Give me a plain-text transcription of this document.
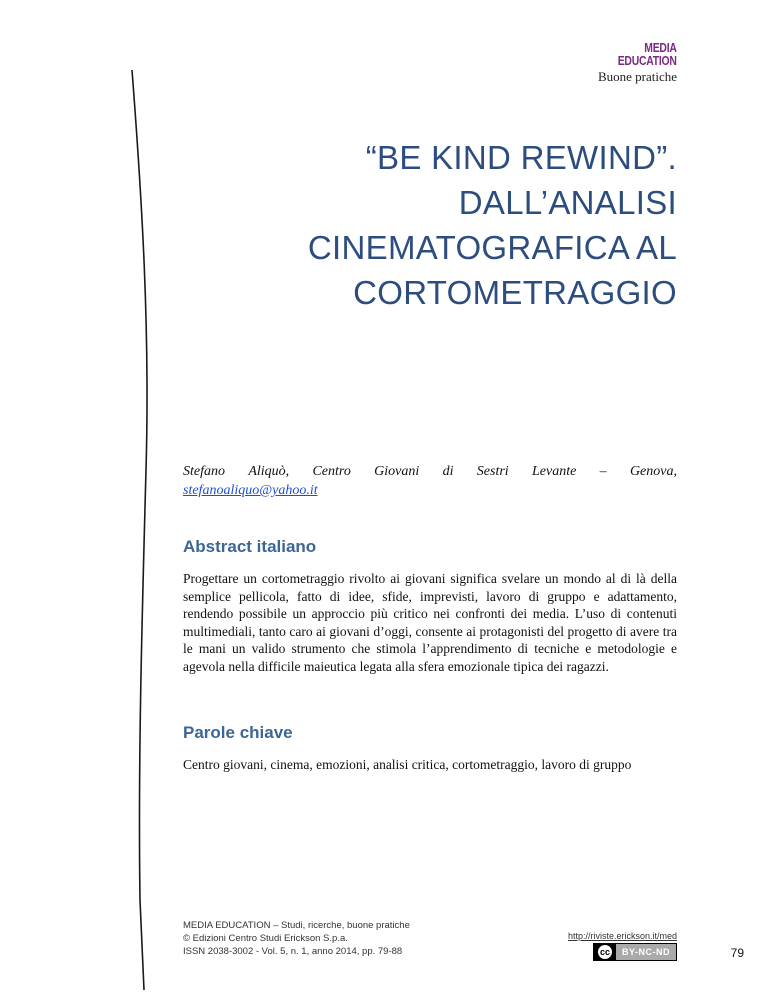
MEDIA
EDUCATION
Buone pratiche
“BE KIND REWIND”.
DALL’ANALISI
CINEMATOGRAFICA AL
CORTOMETRAGGIO
Stefano Aliquò, Centro Giovani di Sestri Levante – Genova,
stefanoaliquo@yahoo.it
Abstract italiano
Progettare un cortometraggio rivolto ai giovani significa svelare un mondo al di là della semplice pellicola, fatto di idee, sfide, imprevisti, lavoro di gruppo e adattamento, rendendo possibile un approccio più critico nei confronti dei media. L’uso di contenuti multimediali, tanto caro ai giovani d’oggi, consente ai protagonisti del progetto di avere tra le mani un valido strumento che stimola l’apprendimento di tecniche e metodologie e agevola nella difficile maieutica legata alla sfera emozionale tipica dei ragazzi.
Parole chiave
Centro giovani, cinema, emozioni, analisi critica, cortometraggio, lavoro di gruppo
MEDIA EDUCATION – Studi, ricerche, buone pratiche
© Edizioni Centro Studi Erickson S.p.a.
ISSN 2038-3002 - Vol. 5, n. 1, anno 2014, pp. 79-88
http://riviste.erickson.it/med
cc	BY-NC-ND	79
